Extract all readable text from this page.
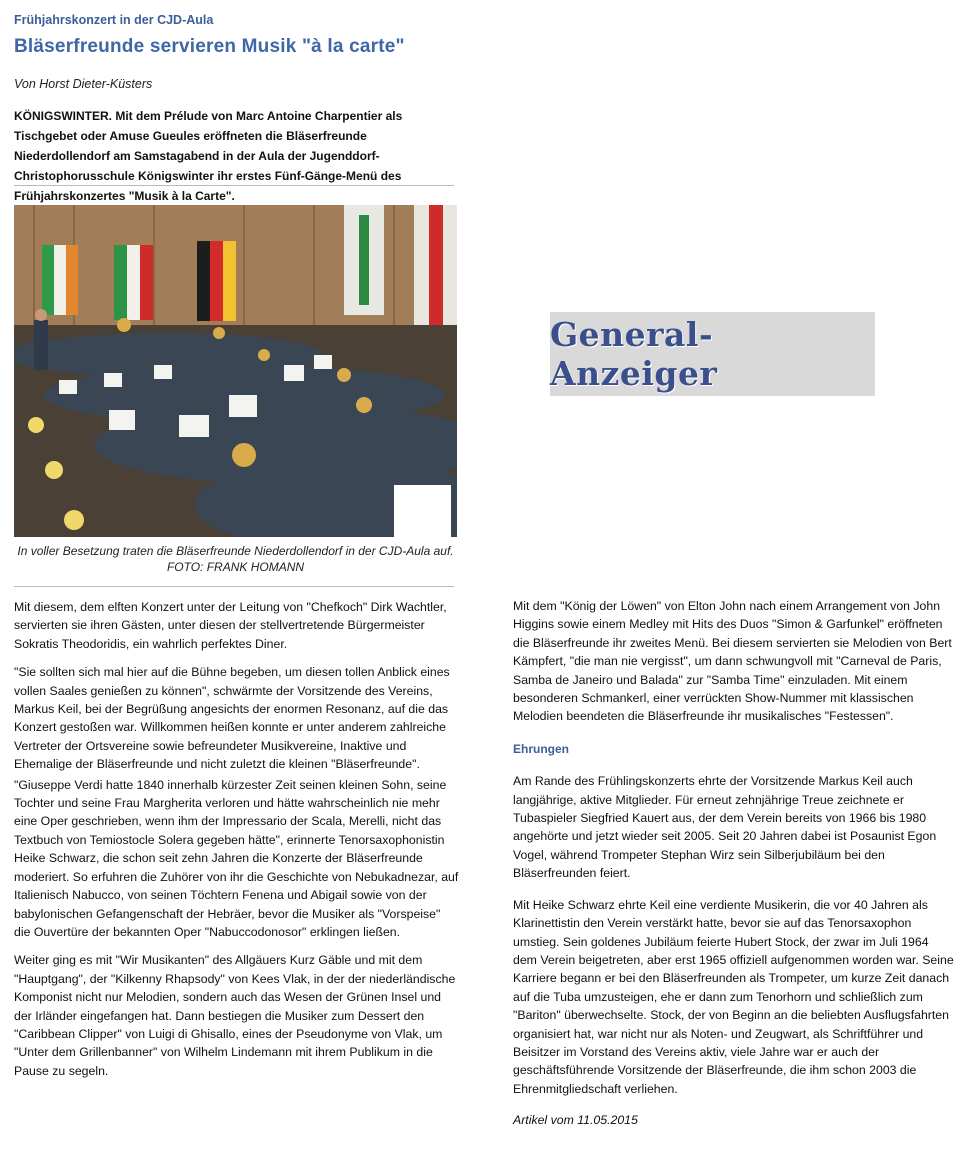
Frühjahrskonzert in der CJD-Aula
Bläserfreunde servieren Musik "à la carte"
Von Horst Dieter-Küsters
KÖNIGSWINTER. Mit dem Prélude von Marc Antoine Charpentier als Tischgebet oder Amuse Gueules eröffneten die Bläserfreunde Niederdollendorf am Samstagabend in der Aula der Jugenddorf-Christophorusschule Königswinter ihr erstes Fünf-Gänge-Menü des Frühjahrskonzertes "Musik à la Carte".
In voller Besetzung traten die Bläserfreunde Niederdollendorf in der CJD-Aula auf.
FOTO: FRANK HOMANN
General-Anzeiger

Mit diesem, dem elften Konzert unter der Leitung von "Chefkoch" Dirk Wachtler, servierten sie ihren Gästen, unter diesen der stellvertretende Bürgermeister Sokratis Theodoridis, ein wahrlich perfektes Diner.

"Sie sollten sich mal hier auf die Bühne begeben, um diesen tollen Anblick eines vollen Saales genießen zu können", schwärmte der Vorsitzende des Vereins, Markus Keil, bei der Begrüßung angesichts der enormen Resonanz, auf die das Konzert gestoßen war. Willkommen heißen konnte er unter anderem zahlreiche Vertreter der Ortsvereine sowie befreundeter Musikvereine, Inaktive und Ehemalige der Bläserfreunde und nicht zuletzt die kleinen "Bläserfreunde".

"Giuseppe Verdi hatte 1840 innerhalb kürzester Zeit seinen kleinen Sohn, seine Tochter und seine Frau Margherita verloren und hätte wahrscheinlich nie mehr eine Oper geschrieben, wenn ihm der Impressario der Scala, Merelli, nicht das Textbuch von Temiostocle Solera gegeben hätte", erinnerte Tenorsaxophonistin Heike Schwarz, die schon seit zehn Jahren die Konzerte der Bläserfreunde moderiert. So erfuhren die Zuhörer von ihr die Geschichte von Nebukadnezar, auf Italienisch Nabucco, von seinen Töchtern Fenena und Abigail sowie von der babylonischen Gefangenschaft der Hebräer, bevor die Musiker als "Vorspeise" die Ouvertüre der bekannten Oper "Nabuccodonosor" erklingen ließen.

Weiter ging es mit "Wir Musikanten" des Allgäuers Kurz Gäble und mit dem "Hauptgang", der "Kilkenny Rhapsody" von Kees Vlak, in der der niederländische Komponist nicht nur Melodien, sondern auch das Wesen der Grünen Insel und der Irländer eingefangen hat. Dann bestiegen die Musiker zum Dessert den "Caribbean Clipper" von Luigi di Ghisallo, eines der Pseudonyme von Vlak, um "Unter dem Grillenbanner" von Wilhelm Lindemann mit ihrem Publikum in die Pause zu segeln.

Mit dem "König der Löwen" von Elton John nach einem Arrangement von John Higgins sowie einem Medley mit Hits des Duos "Simon & Garfunkel" eröffneten die Bläserfreunde ihr zweites Menü. Bei diesem servierten sie Melodien von Bert Kämpfert, "die man nie vergisst", um dann schwungvoll mit "Carneval de Paris, Samba de Janeiro und Balada" zur "Samba Time" einzuladen. Mit einem besonderen Schmankerl, einer verrückten Show-Nummer mit klassischen Melodien beendeten die Bläserfreunde ihr musikalisches "Festessen".

Ehrungen

Am Rande des Frühlingskonzerts ehrte der Vorsitzende Markus Keil auch langjährige, aktive Mitglieder. Für erneut zehnjährige Treue zeichnete er Tubaspieler Siegfried Kauert aus, der dem Verein bereits von 1966 bis 1980 angehörte und jetzt wieder seit 2005. Seit 20 Jahren dabei ist Posaunist Egon Vogel, während Trompeter Stephan Wirz sein Silberjubiläum bei den Bläserfreunden feiert.

Mit Heike Schwarz ehrte Keil eine verdiente Musikerin, die vor 40 Jahren als Klarinettistin den Verein verstärkt hatte, bevor sie auf das Tenorsaxophon umstieg. Sein goldenes Jubiläum feierte Hubert Stock, der zwar im Juli 1964 dem Verein beigetreten, aber erst 1965 offiziell aufgenommen worden war. Seine Karriere begann er bei den Bläserfreunden als Trompeter, um kurze Zeit danach auf die Tuba umzusteigen, ehe er dann zum Tenorhorn und schließlich zum "Bariton" überwechselte. Stock, der von Beginn an die beliebten Ausflugsfahrten organisiert hat, war nicht nur als Noten- und Zeugwart, als Schriftführer und Beisitzer im Vorstand des Vereins aktiv, viele Jahre war er auch der geschäftsführende Vorsitzende der Bläserfreunde, die ihm schon 2003 die Ehrenmitgliedschaft verliehen.

Artikel vom 11.05.2015
